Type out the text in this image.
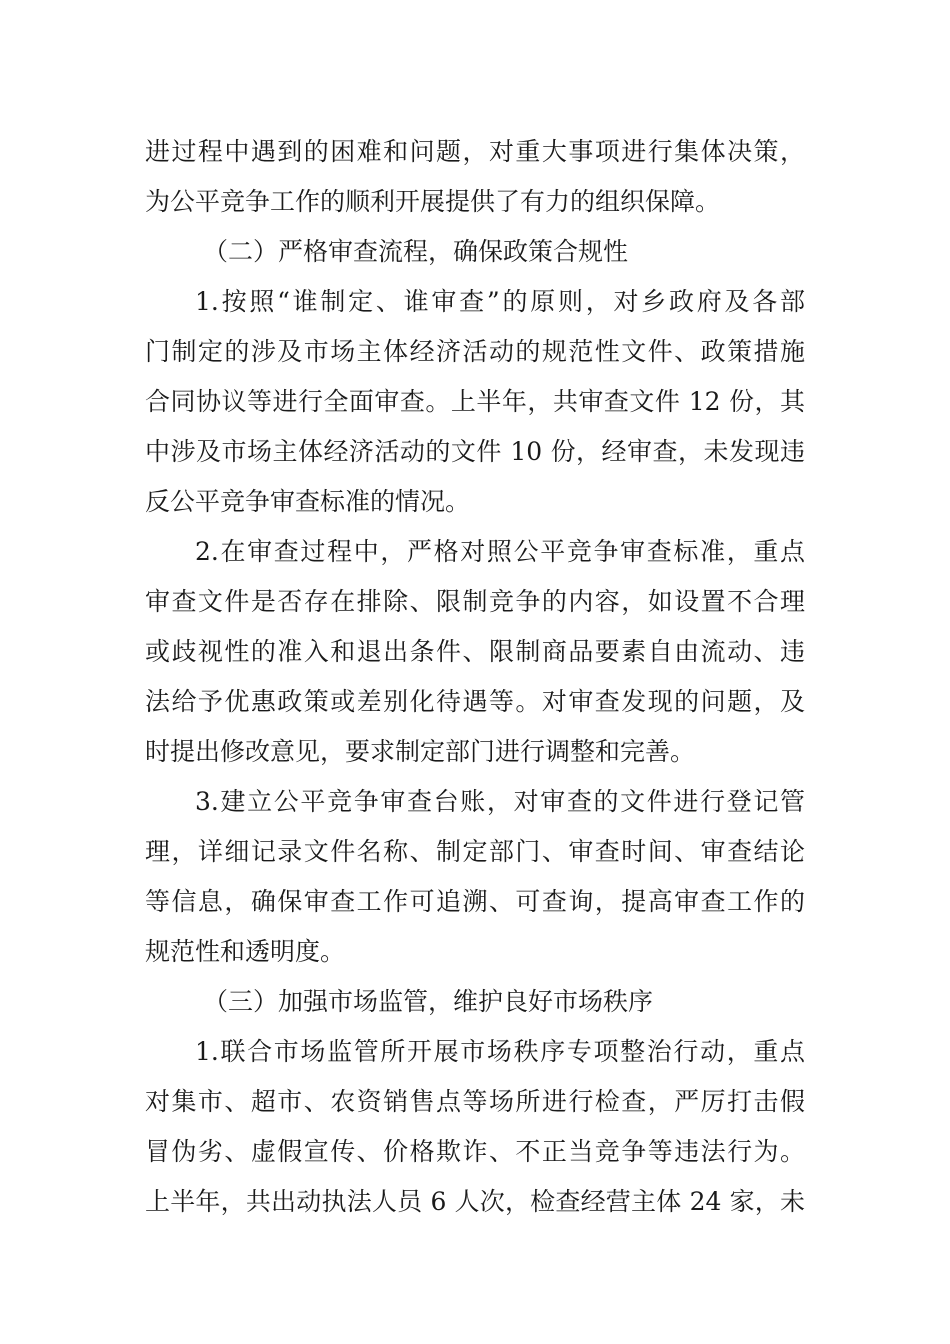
进过程中遇到的困难和问题，对重大事项进行集体决策，
为公平竞争工作的顺利开展提供了有力的组织保障。
（二）严格审查流程，确保政策合规性
1.按照“谁制定、谁审查”的原则，对乡政府及各部
门制定的涉及市场主体经济活动的规范性文件、政策措施
合同协议等进行全面审查。上半年，共审查文件 12 份，其
中涉及市场主体经济活动的文件 10 份，经审查，未发现违
反公平竞争审查标准的情况。
2.在审查过程中，严格对照公平竞争审查标准，重点
审查文件是否存在排除、限制竞争的内容，如设置不合理
或歧视性的准入和退出条件、限制商品要素自由流动、违
法给予优惠政策或差别化待遇等。对审查发现的问题，及
时提出修改意见，要求制定部门进行调整和完善。
3.建立公平竞争审查台账，对审查的文件进行登记管
理，详细记录文件名称、制定部门、审查时间、审查结论
等信息，确保审查工作可追溯、可查询，提高审查工作的
规范性和透明度。
（三）加强市场监管，维护良好市场秩序
1.联合市场监管所开展市场秩序专项整治行动，重点
对集市、超市、农资销售点等场所进行检查，严厉打击假
冒伪劣、虚假宣传、价格欺诈、不正当竞争等违法行为。
上半年，共出动执法人员 6 人次，检查经营主体 24 家，未
